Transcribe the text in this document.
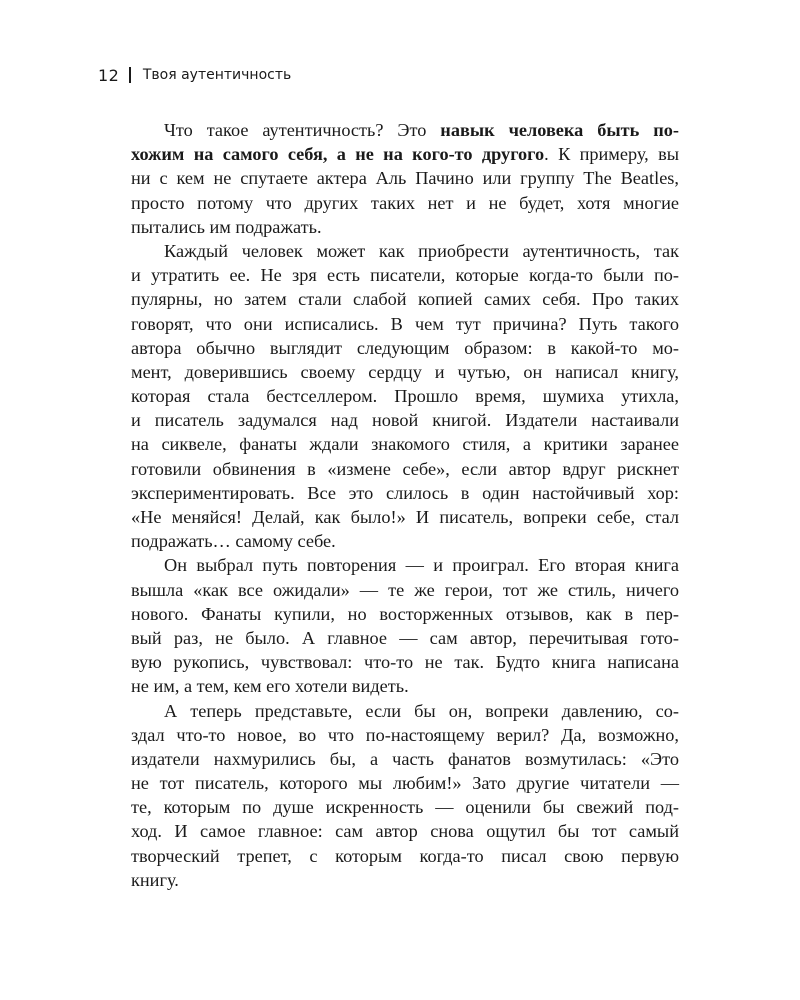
12 Твоя аутентичность
Что такое аутентичность? Это навык человека быть по-
хожим на самого себя, а не на кого-то другого. К примеру, вы
ни с кем не спутаете актера Аль Пачино или группу The Beatles,
просто потому что других таких нет и не будет, хотя многие
пытались им подражать.
Каждый человек может как приобрести аутентичность, так
и утратить ее. Не зря есть писатели, которые когда-то были по-
пулярны, но затем стали слабой копией самих себя. Про таких
говорят, что они исписались. В чем тут причина? Путь такого
автора обычно выглядит следующим образом: в какой-то мо-
мент, доверившись своему сердцу и чутью, он написал книгу,
которая стала бестселлером. Прошло время, шумиха утихла,
и писатель задумался над новой книгой. Издатели настаивали
на сиквеле, фанаты ждали знакомого стиля, а критики заранее
готовили обвинения в «измене себе», если автор вдруг рискнет
экспериментировать. Все это слилось в один настойчивый хор:
«Не меняйся! Делай, как было!» И писатель, вопреки себе, стал
подражать… самому себе.
Он выбрал путь повторения — и проиграл. Его вторая книга
вышла «как все ожидали» — те же герои, тот же стиль, ничего
нового. Фанаты купили, но восторженных отзывов, как в пер-
вый раз, не было. А главное — сам автор, перечитывая гото-
вую рукопись, чувствовал: что-то не так. Будто книга написана
не им, а тем, кем его хотели видеть.
А теперь представьте, если бы он, вопреки давлению, со-
здал что-то новое, во что по-настоящему верил? Да, возможно,
издатели нахмурились бы, а часть фанатов возмутилась: «Это
не тот писатель, которого мы любим!» Зато другие читатели —
те, которым по душе искренность — оценили бы свежий под-
ход. И самое главное: сам автор снова ощутил бы тот самый
творческий трепет, с которым когда-то писал свою первую
книгу.
